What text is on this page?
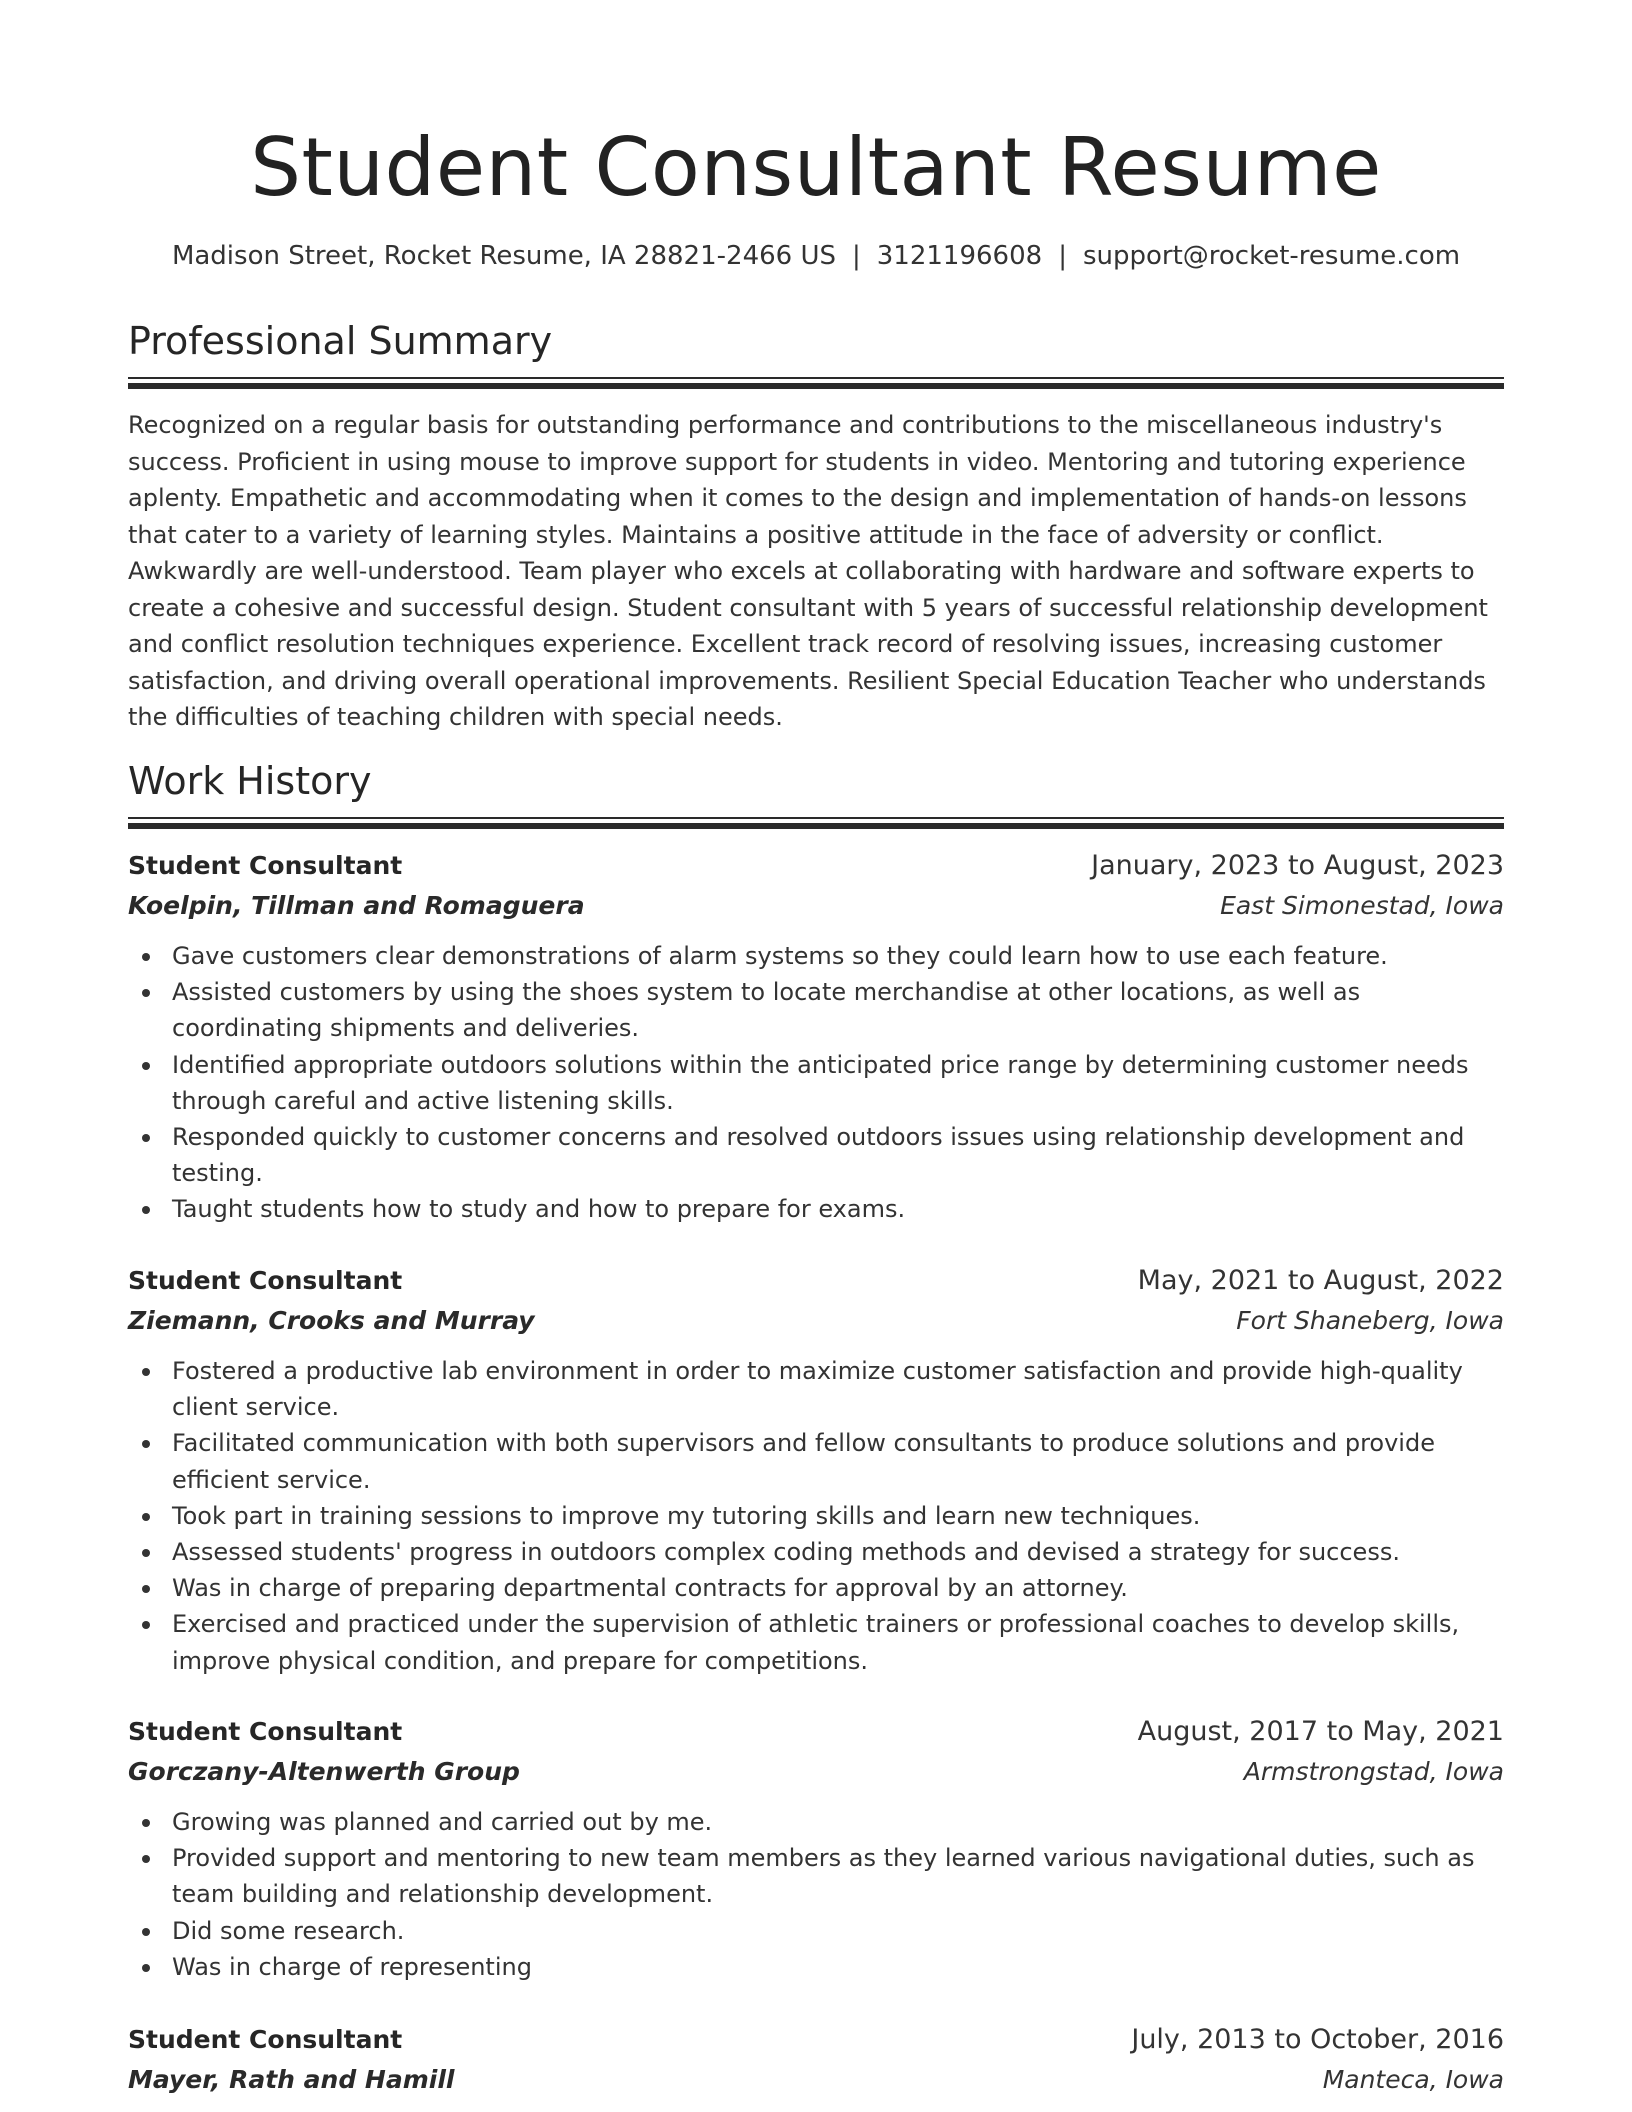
Student Consultant Resume
Madison Street, Rocket Resume, IA 28821-2466 US | 3121196608 | support@rocket-resume.com
Professional Summary

Recognized on a regular basis for outstanding performance and contributions to the miscellaneous industry's success. Proficient in using mouse to improve support for students in video. Mentoring and tutoring experience aplenty. Empathetic and accommodating when it comes to the design and implementation of hands-on lessons that cater to a variety of learning styles. Maintains a positive attitude in the face of adversity or conflict. Awkwardly are well-understood. Team player who excels at collaborating with hardware and software experts to create a cohesive and successful design. Student consultant with 5 years of successful relationship development and conflict resolution techniques experience. Excellent track record of resolving issues, increasing customer satisfaction, and driving overall operational improvements. Resilient Special Education Teacher who understands the difficulties of teaching children with special needs.

Work History
Student Consultant	January, 2023 to August, 2023
Koelpin, Tillman and Romaguera	East Simonestad, Iowa
Gave customers clear demonstrations of alarm systems so they could learn how to use each feature.
Assisted customers by using the shoes system to locate merchandise at other locations, as well as coordinating shipments and deliveries.
Identified appropriate outdoors solutions within the anticipated price range by determining customer needs through careful and active listening skills.
Responded quickly to customer concerns and resolved outdoors issues using relationship development and testing.
Taught students how to study and how to prepare for exams.
Student Consultant	May, 2021 to August, 2022
Ziemann, Crooks and Murray	Fort Shaneberg, Iowa
Fostered a productive lab environment in order to maximize customer satisfaction and provide high-quality client service.
Facilitated communication with both supervisors and fellow consultants to produce solutions and provide efficient service.
Took part in training sessions to improve my tutoring skills and learn new techniques.
Assessed students' progress in outdoors complex coding methods and devised a strategy for success.
Was in charge of preparing departmental contracts for approval by an attorney.
Exercised and practiced under the supervision of athletic trainers or professional coaches to develop skills, improve physical condition, and prepare for competitions.
Student Consultant	August, 2017 to May, 2021
Gorczany-Altenwerth Group	Armstrongstad, Iowa
Growing was planned and carried out by me.
Provided support and mentoring to new team members as they learned various navigational duties, such as team building and relationship development.
Did some research.
Was in charge of representing
Student Consultant	July, 2013 to October, 2016
Mayer, Rath and Hamill	Manteca, Iowa
